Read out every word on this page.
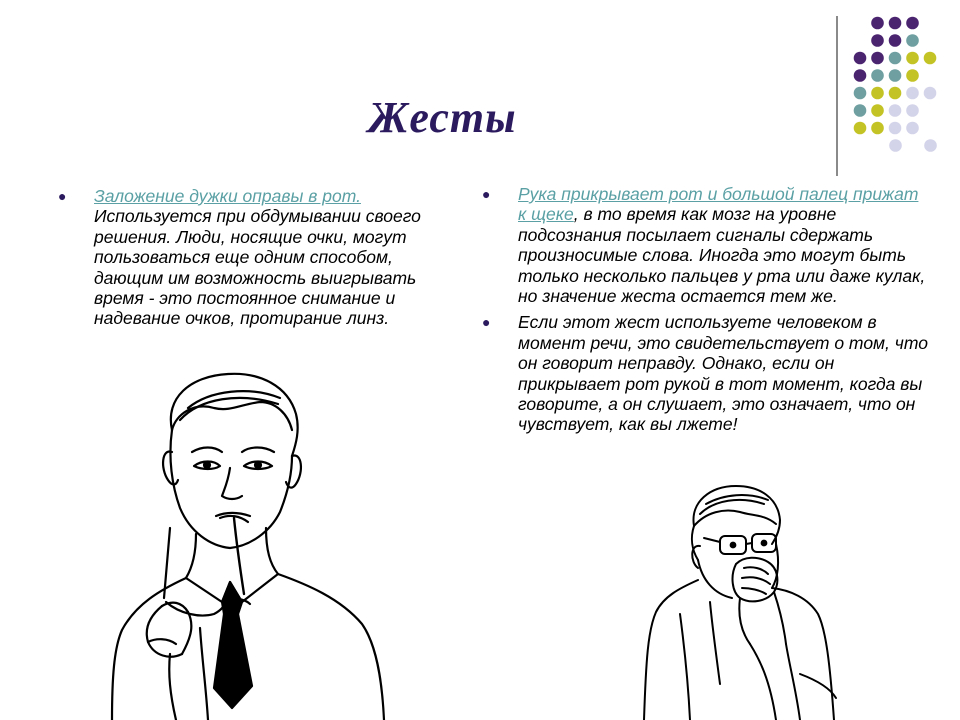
Жесты
● Заложение дужки оправы в рот. Используется при обдумывании своего решения. Люди, носящие очки, могут пользоваться еще одним способом, дающим им возможность выигрывать время - это постоянное снимание и надевание очков, протирание линз.
● Рука прикрывает рот и большой палец прижат к щеке, в то время как мозг на уровне подсознания посылает сигналы сдержать произносимые слова. Иногда это могут быть только несколько пальцев у рта или даже кулак, но значение жеста остается тем же.
● Если этот жест используете человеком в момент речи, это свидетельствует о том, что он говорит неправду. Однако, если он прикрывает рот рукой в тот момент, когда вы говорите, а он слушает, это означает, что он чувствует, как вы лжете!
